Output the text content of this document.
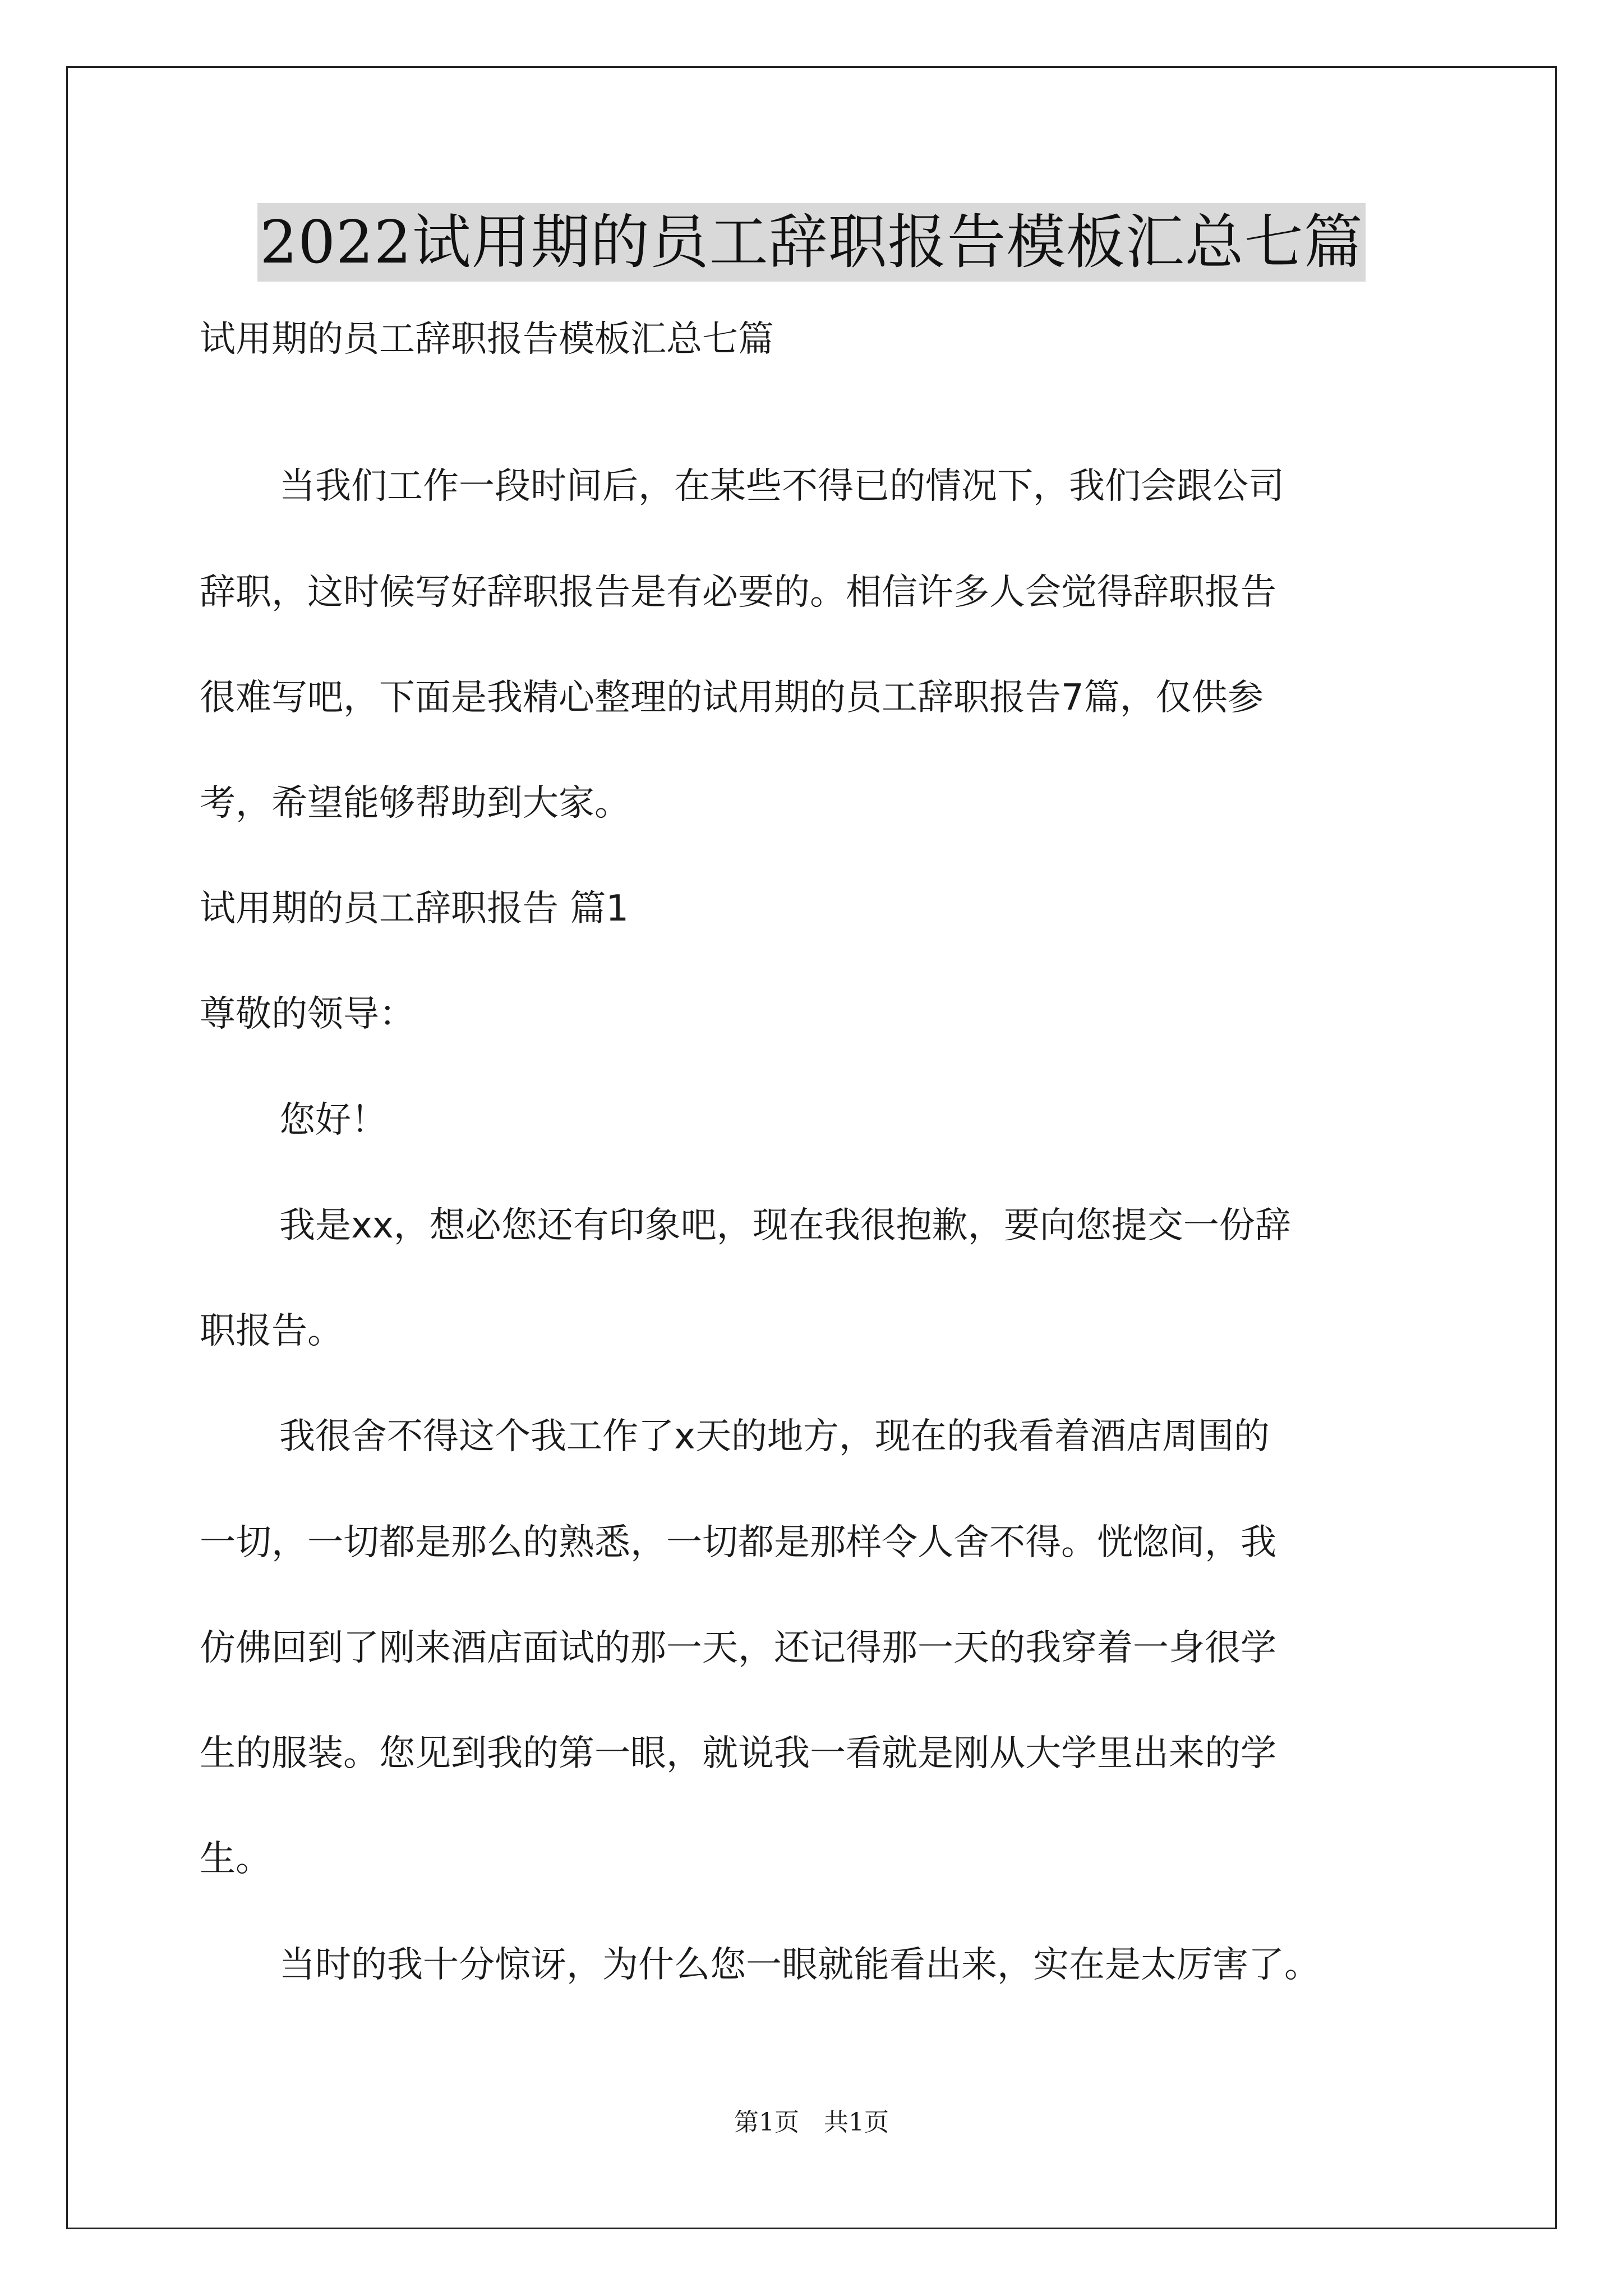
2022试用期的员工辞职报告模板汇总七篇
试用期的员工辞职报告模板汇总七篇
当我们工作一段时间后，在某些不得已的情况下，我们会跟公司
辞职，这时候写好辞职报告是有必要的。相信许多人会觉得辞职报告
很难写吧，下面是我精心整理的试用期的员工辞职报告7篇，仅供参
考，希望能够帮助到大家。
试用期的员工辞职报告 篇1
尊敬的领导：
您好！
我是xx，想必您还有印象吧，现在我很抱歉，要向您提交一份辞
职报告。
我很舍不得这个我工作了x天的地方，现在的我看着酒店周围的
一切，一切都是那么的熟悉，一切都是那样令人舍不得。恍惚间，我
仿佛回到了刚来酒店面试的那一天，还记得那一天的我穿着一身很学
生的服装。您见到我的第一眼，就说我一看就是刚从大学里出来的学
生。
当时的我十分惊讶，为什么您一眼就能看出来，实在是太厉害了。
第1页　共1页
